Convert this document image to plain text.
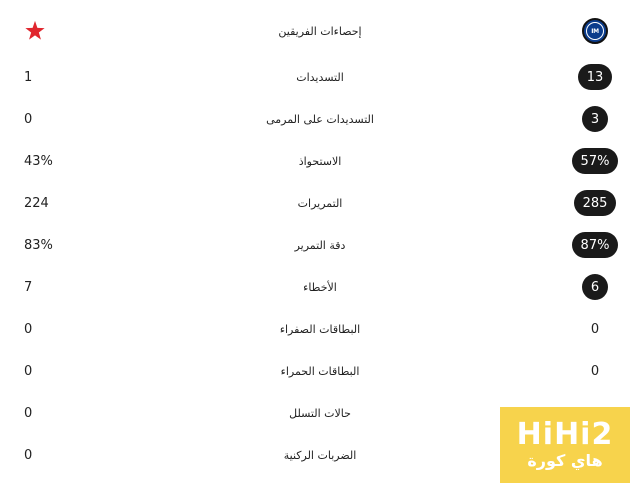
إحصاءات الفريقين	IM
1	التسديدات	13
0	التسديدات على المرمى	3
43%	الاستحواذ	57%
224	التمريرات	285
83%	دقة التمرير	87%
7	الأخطاء	6
0	البطاقات الصفراء	0
0	البطاقات الحمراء	0
0	حالات التسلل
0	الضربات الركنية
HiHi2
هاي كورة
